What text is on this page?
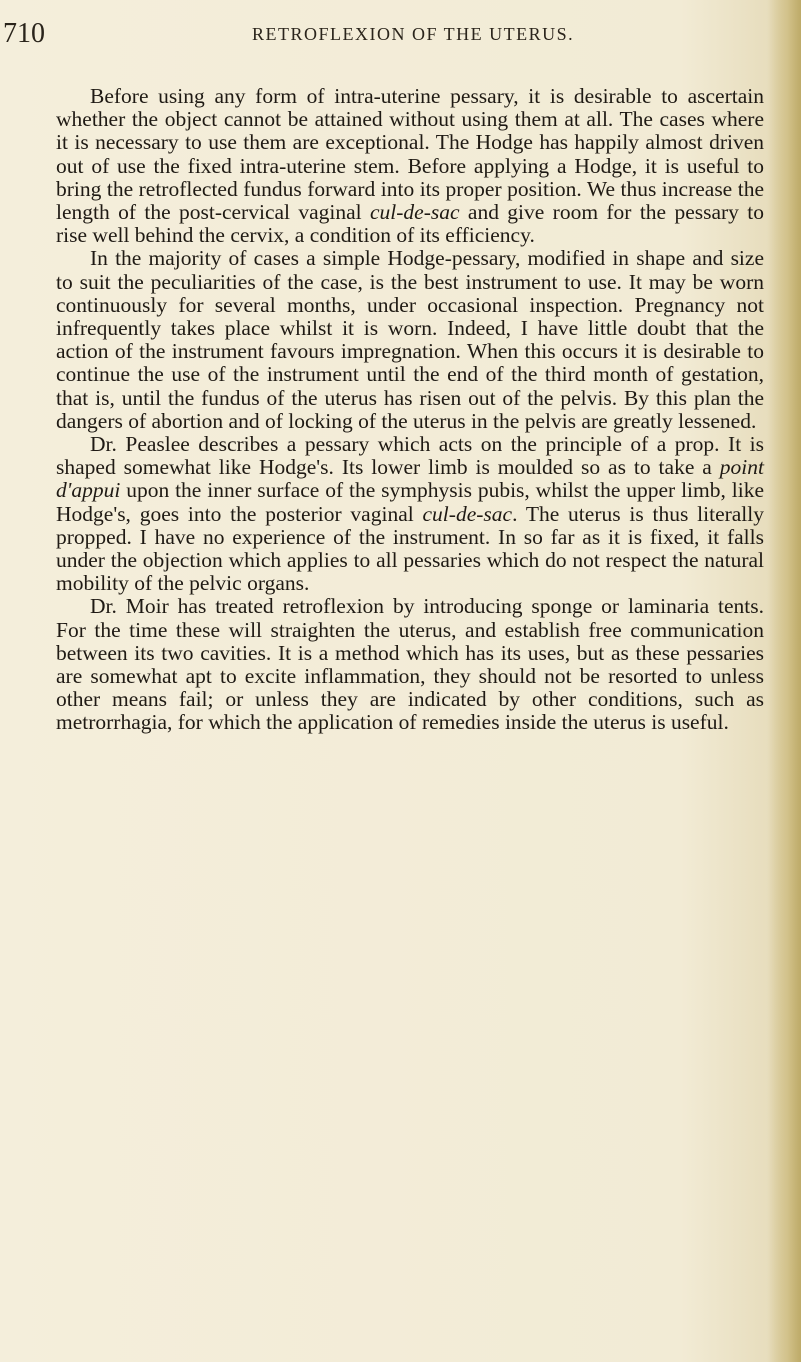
710	RETROFLEXION OF THE UTERUS.

Before using any form of intra-uterine pessary, it is desirable to ascertain whether the object cannot be attained without using them at all. The cases where it is necessary to use them are exceptional. The Hodge has happily almost driven out of use the fixed intra-uterine stem. Before applying a Hodge, it is useful to bring the retroflected fundus forward into its proper position. We thus increase the length of the post-cervical vaginal cul-de-sac and give room for the pessary to rise well behind the cervix, a condition of its efficiency.

In the majority of cases a simple Hodge-pessary, modified in shape and size to suit the peculiarities of the case, is the best instrument to use. It may be worn continuously for several months, under occasional inspection. Pregnancy not infrequently takes place whilst it is worn. Indeed, I have little doubt that the action of the instrument favours impregnation. When this occurs it is desirable to continue the use of the instrument until the end of the third month of gestation, that is, until the fundus of the uterus has risen out of the pelvis. By this plan the dangers of abortion and of locking of the uterus in the pelvis are greatly lessened.

Dr. Peaslee describes a pessary which acts on the principle of a prop. It is shaped somewhat like Hodge's. Its lower limb is moulded so as to take a point d'appui upon the inner surface of the symphysis pubis, whilst the upper limb, like Hodge's, goes into the posterior vaginal cul-de-sac. The uterus is thus literally propped. I have no experience of the instrument. In so far as it is fixed, it falls under the objection which applies to all pessaries which do not respect the natural mobility of the pelvic organs.

Dr. Moir has treated retroflexion by introducing sponge or laminaria tents. For the time these will straighten the uterus, and establish free communication between its two cavities. It is a method which has its uses, but as these pessaries are somewhat apt to excite inflammation, they should not be resorted to unless other means fail; or unless they are indicated by other conditions, such as metrorrhagia, for which the application of remedies inside the uterus is useful.
